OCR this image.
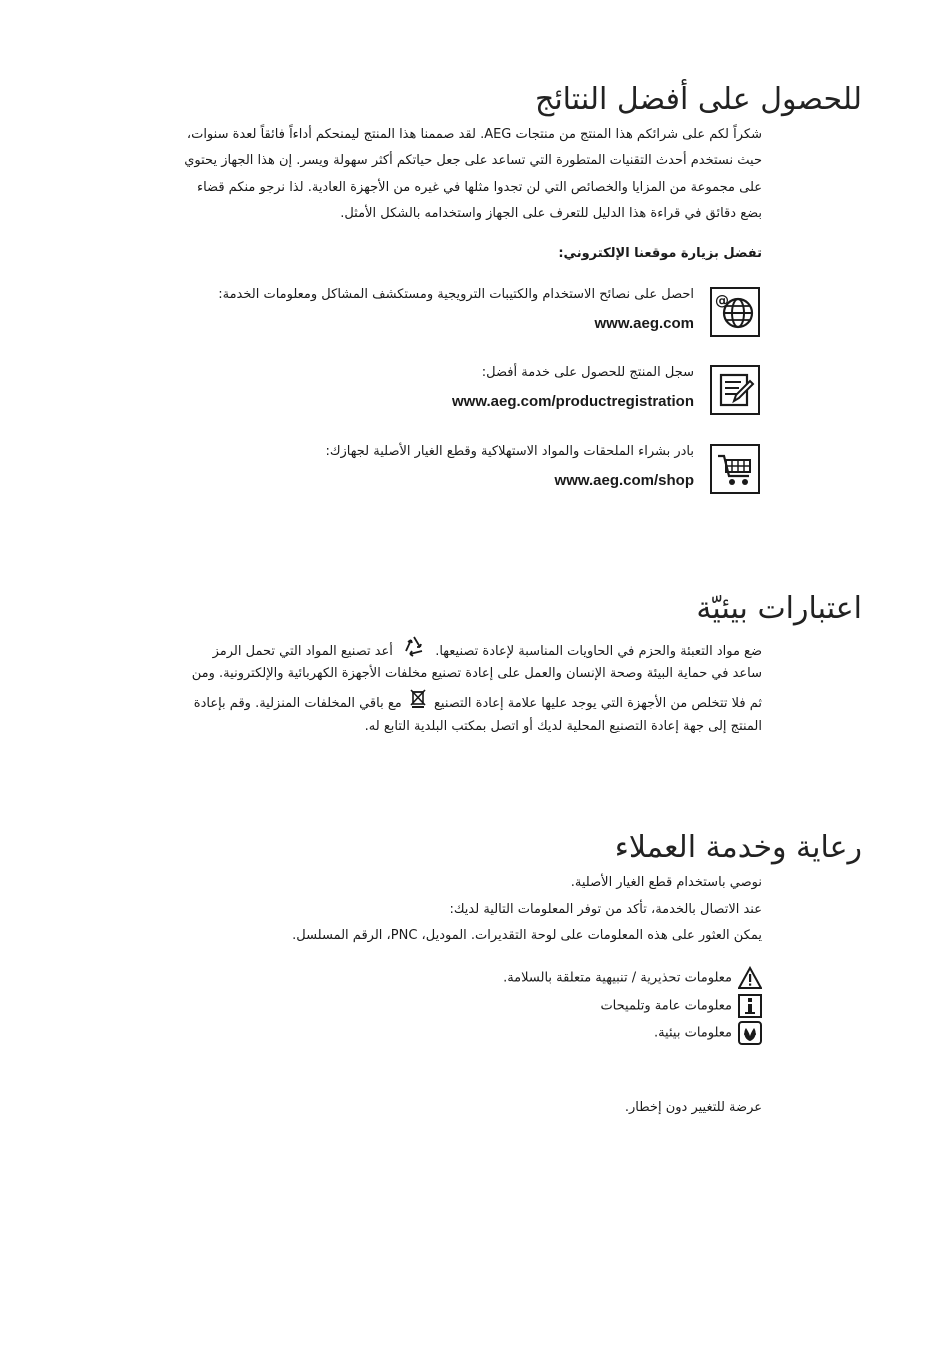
للحصول على أفضل النتائج
شكراً لكم على شرائكم هذا المنتج من منتجات AEG. لقد صممنا هذا المنتج ليمنحكم أداءاً فائقاً لعدة سنوات،
حيث نستخدم أحدث التقنيات المتطورة التي تساعد على جعل حياتكم أكثر سهولة ويسر. إن هذا الجهاز يحتوي
على مجموعة من المزايا والخصائص التي لن تجدوا مثلها في غيره من الأجهزة العادية. لذا نرجو منكم قضاء
بضع دقائق في قراءة هذا الدليل للتعرف على الجهاز واستخدامه بالشكل الأمثل.
تفضل بزيارة موقعنا الإلكتروني:
@
احصل على نصائح الاستخدام والكتيبات الترويجية ومستكشف المشاكل ومعلومات الخدمة:
www.aeg.com
سجل المنتج للحصول على خدمة أفضل:
www.aeg.com/productregistration
بادر بشراء الملحقات والمواد الاستهلاكية وقطع الغيار الأصلية لجهازك:
www.aeg.com/shop
اعتبارات بيئيّة
ضع مواد التعبئة والحزم في الحاويات المناسبة لإعادة تصنيعها.  أعد تصنيع المواد التي تحمل الرمز
ساعد في حماية البيئة وصحة الإنسان والعمل على إعادة تصنيع مخلفات الأجهزة الكهربائية والإلكترونية. ومن
ثم فلا تتخلص من الأجهزة التي يوجد عليها علامة إعادة التصنيع  مع باقي المخلفات المنزلية. وقم بإعادة
المنتج إلى جهة إعادة التصنيع المحلية لديك أو اتصل بمكتب البلدية التابع له.
رعاية وخدمة العملاء
نوصي باستخدام قطع الغيار الأصلية.
عند الاتصال بالخدمة، تأكد من توفر المعلومات التالية لديك:
يمكن العثور على هذه المعلومات على لوحة التقديرات. الموديل، PNC، الرقم المسلسل.
معلومات تحذيرية / تنبيهية متعلقة بالسلامة.
معلومات عامة وتلميحات
معلومات بيئية.
عرضة للتغيير دون إخطار.
